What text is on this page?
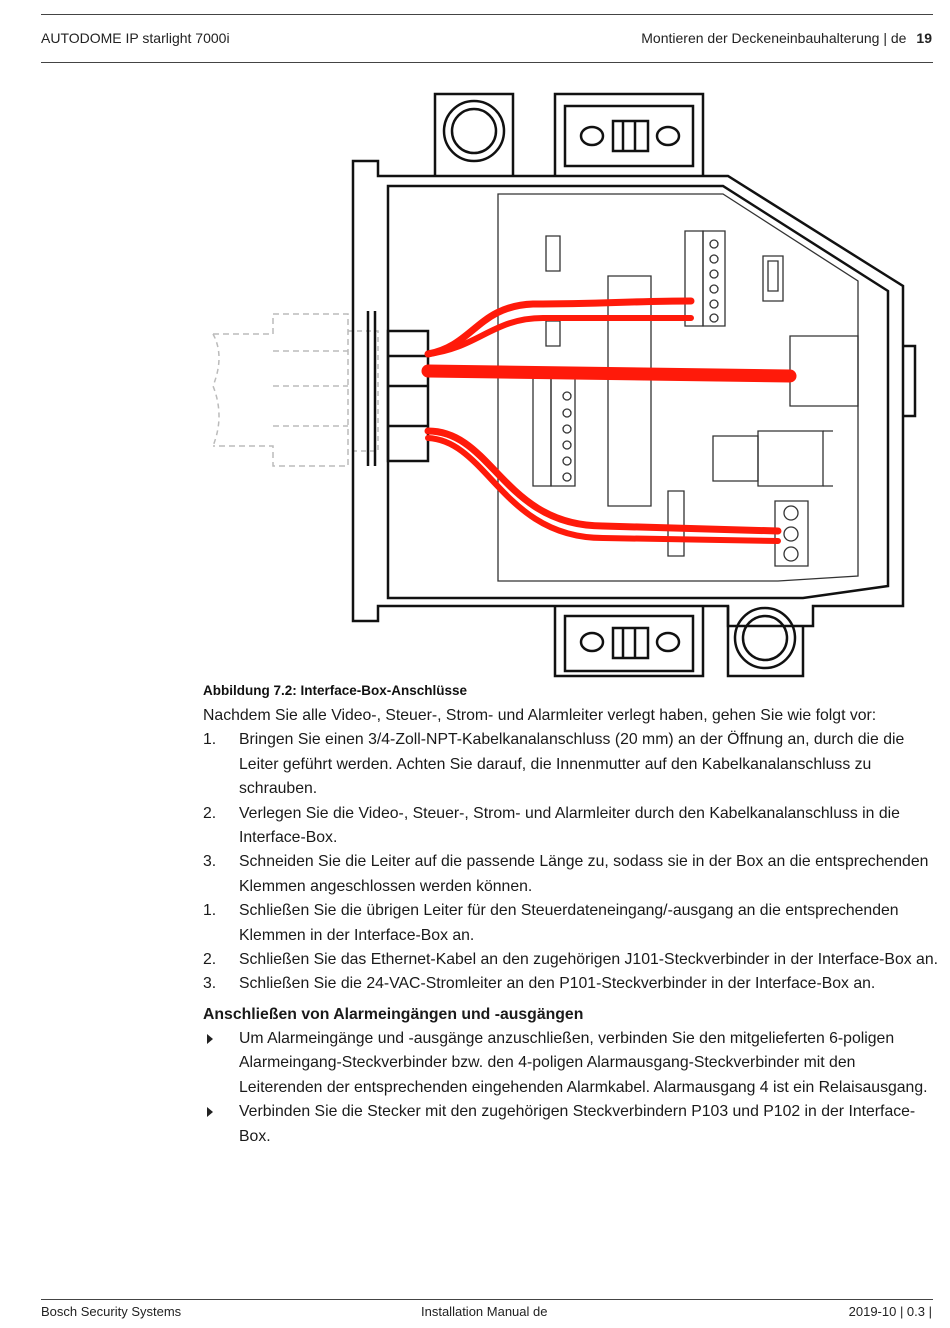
AUTODOME IP starlight 7000i	Montieren der Deckeneinbauhalterung | de 19
Abbildung 7.2: Interface-Box-Anschlüsse

Nachdem Sie alle Video-, Steuer-, Strom- und Alarmleiter verlegt haben, gehen Sie wie folgt vor:

1. Bringen Sie einen 3/4-Zoll-NPT-Kabelkanalanschluss (20 mm) an der Öffnung an, durch die die Leiter geführt werden. Achten Sie darauf, die Innenmutter auf den Kabelkanalanschluss zu schrauben.
2. Verlegen Sie die Video-, Steuer-, Strom- und Alarmleiter durch den Kabelkanalanschluss in die Interface-Box.
3. Schneiden Sie die Leiter auf die passende Länge zu, sodass sie in der Box an die entsprechenden Klemmen angeschlossen werden können.
1. Schließen Sie die übrigen Leiter für den Steuerdateneingang/-ausgang an die entsprechenden Klemmen in der Interface-Box an.
2. Schließen Sie das Ethernet-Kabel an den zugehörigen J101-Steckverbinder in der Interface-Box an.
3. Schließen Sie die 24-VAC-Stromleiter an den P101-Steckverbinder in der Interface-Box an.
Anschließen von Alarmeingängen und -ausgängen
Um Alarmeingänge und -ausgänge anzuschließen, verbinden Sie den mitgelieferten 6-poligen Alarmeingang-Steckverbinder bzw. den 4-poligen Alarmausgang-Steckverbinder mit den Leiterenden der entsprechenden eingehenden Alarmkabel. Alarmausgang 4 ist ein Relaisausgang.
Verbinden Sie die Stecker mit den zugehörigen Steckverbindern P103 und P102 in der Interface-Box.
Bosch Security Systems	Installation Manual de	2019-10 | 0.3 |
